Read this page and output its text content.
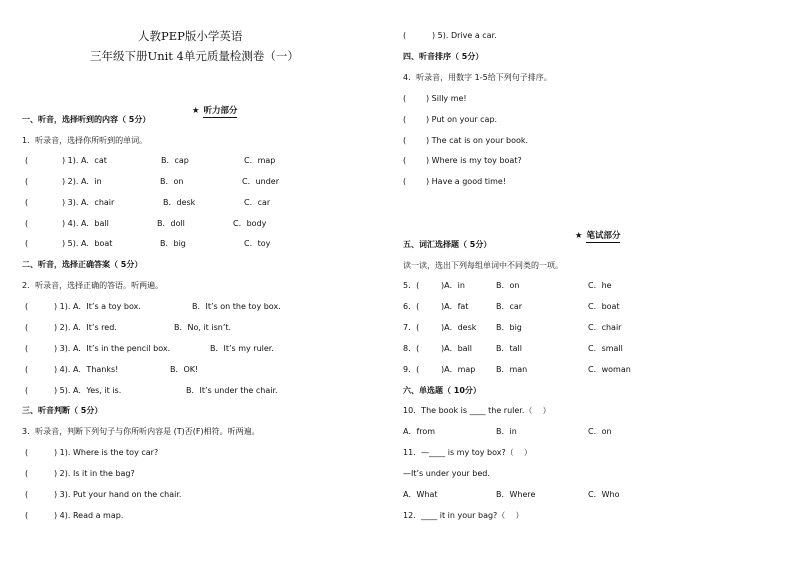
人教PEP版小学英语
三年级下册Unit 4单元质量检测卷（一）

★ 听力部分

一、听音，选择听到的内容（ 5分）
1．听录音，选择你所听到的单词。
(	) 1). A．cat	B．cap	C．map
(	) 2). A．in	B．on	C．under
(	) 3). A．chair	B．desk	C．car
(	) 4). A．ball	B．doll	C．body
(	) 5). A．boat	B．big	C．toy
二、听音，选择正确答案（ 5分）
2．听录音，选择正确的答语。听两遍。
(	) 1). A．It’s a toy box.	B．It’s on the toy box.
(	) 2). A．It’s red.	B．No, it isn’t.
(	) 3). A．It’s in the pencil box.	B．It’s my ruler.
(	) 4). A．Thanks!	B．OK!
(	) 5). A．Yes, it is.	B．It’s under the chair.
三、听音判断（ 5分）
3．听录音，判断下列句子与你所听内容是 (T)否(F)相符。听两遍。
(	) 1). Where is the toy car?
(	) 2). Is it in the bag?
(	) 3). Put your hand on the chair.
(	) 4). Read a map.
(	) 5). Drive a car.
四、听音排序（ 5分）
4．听录音，用数字 1-5给下列句子排序。
( ) Silly me!
( ) Put on your cap.
( ) The cat is on your book.
( ) Where is my toy boat?
( ) Have a good time!

★ 笔试部分

五、词汇选择题（ 5分）
读一读，选出下列每组单词中不同类的一项。
5．(	)A．in	B．on	C．he
6．(	)A．fat	B．car	C．boat
7．(	)A．desk B．big	C．chair
8．(	)A．ball	B．tall	C．small
9．(	)A．map	B．man	C．woman
六、单选题（ 10分）
10．The book is ____ the ruler.（    ）
A．from	B．in	C．on
11．—____ is my toy box?（    ）
—It’s under your bed.
A．What	B．Where	C．Who
12．____ it in your bag?（    ）
